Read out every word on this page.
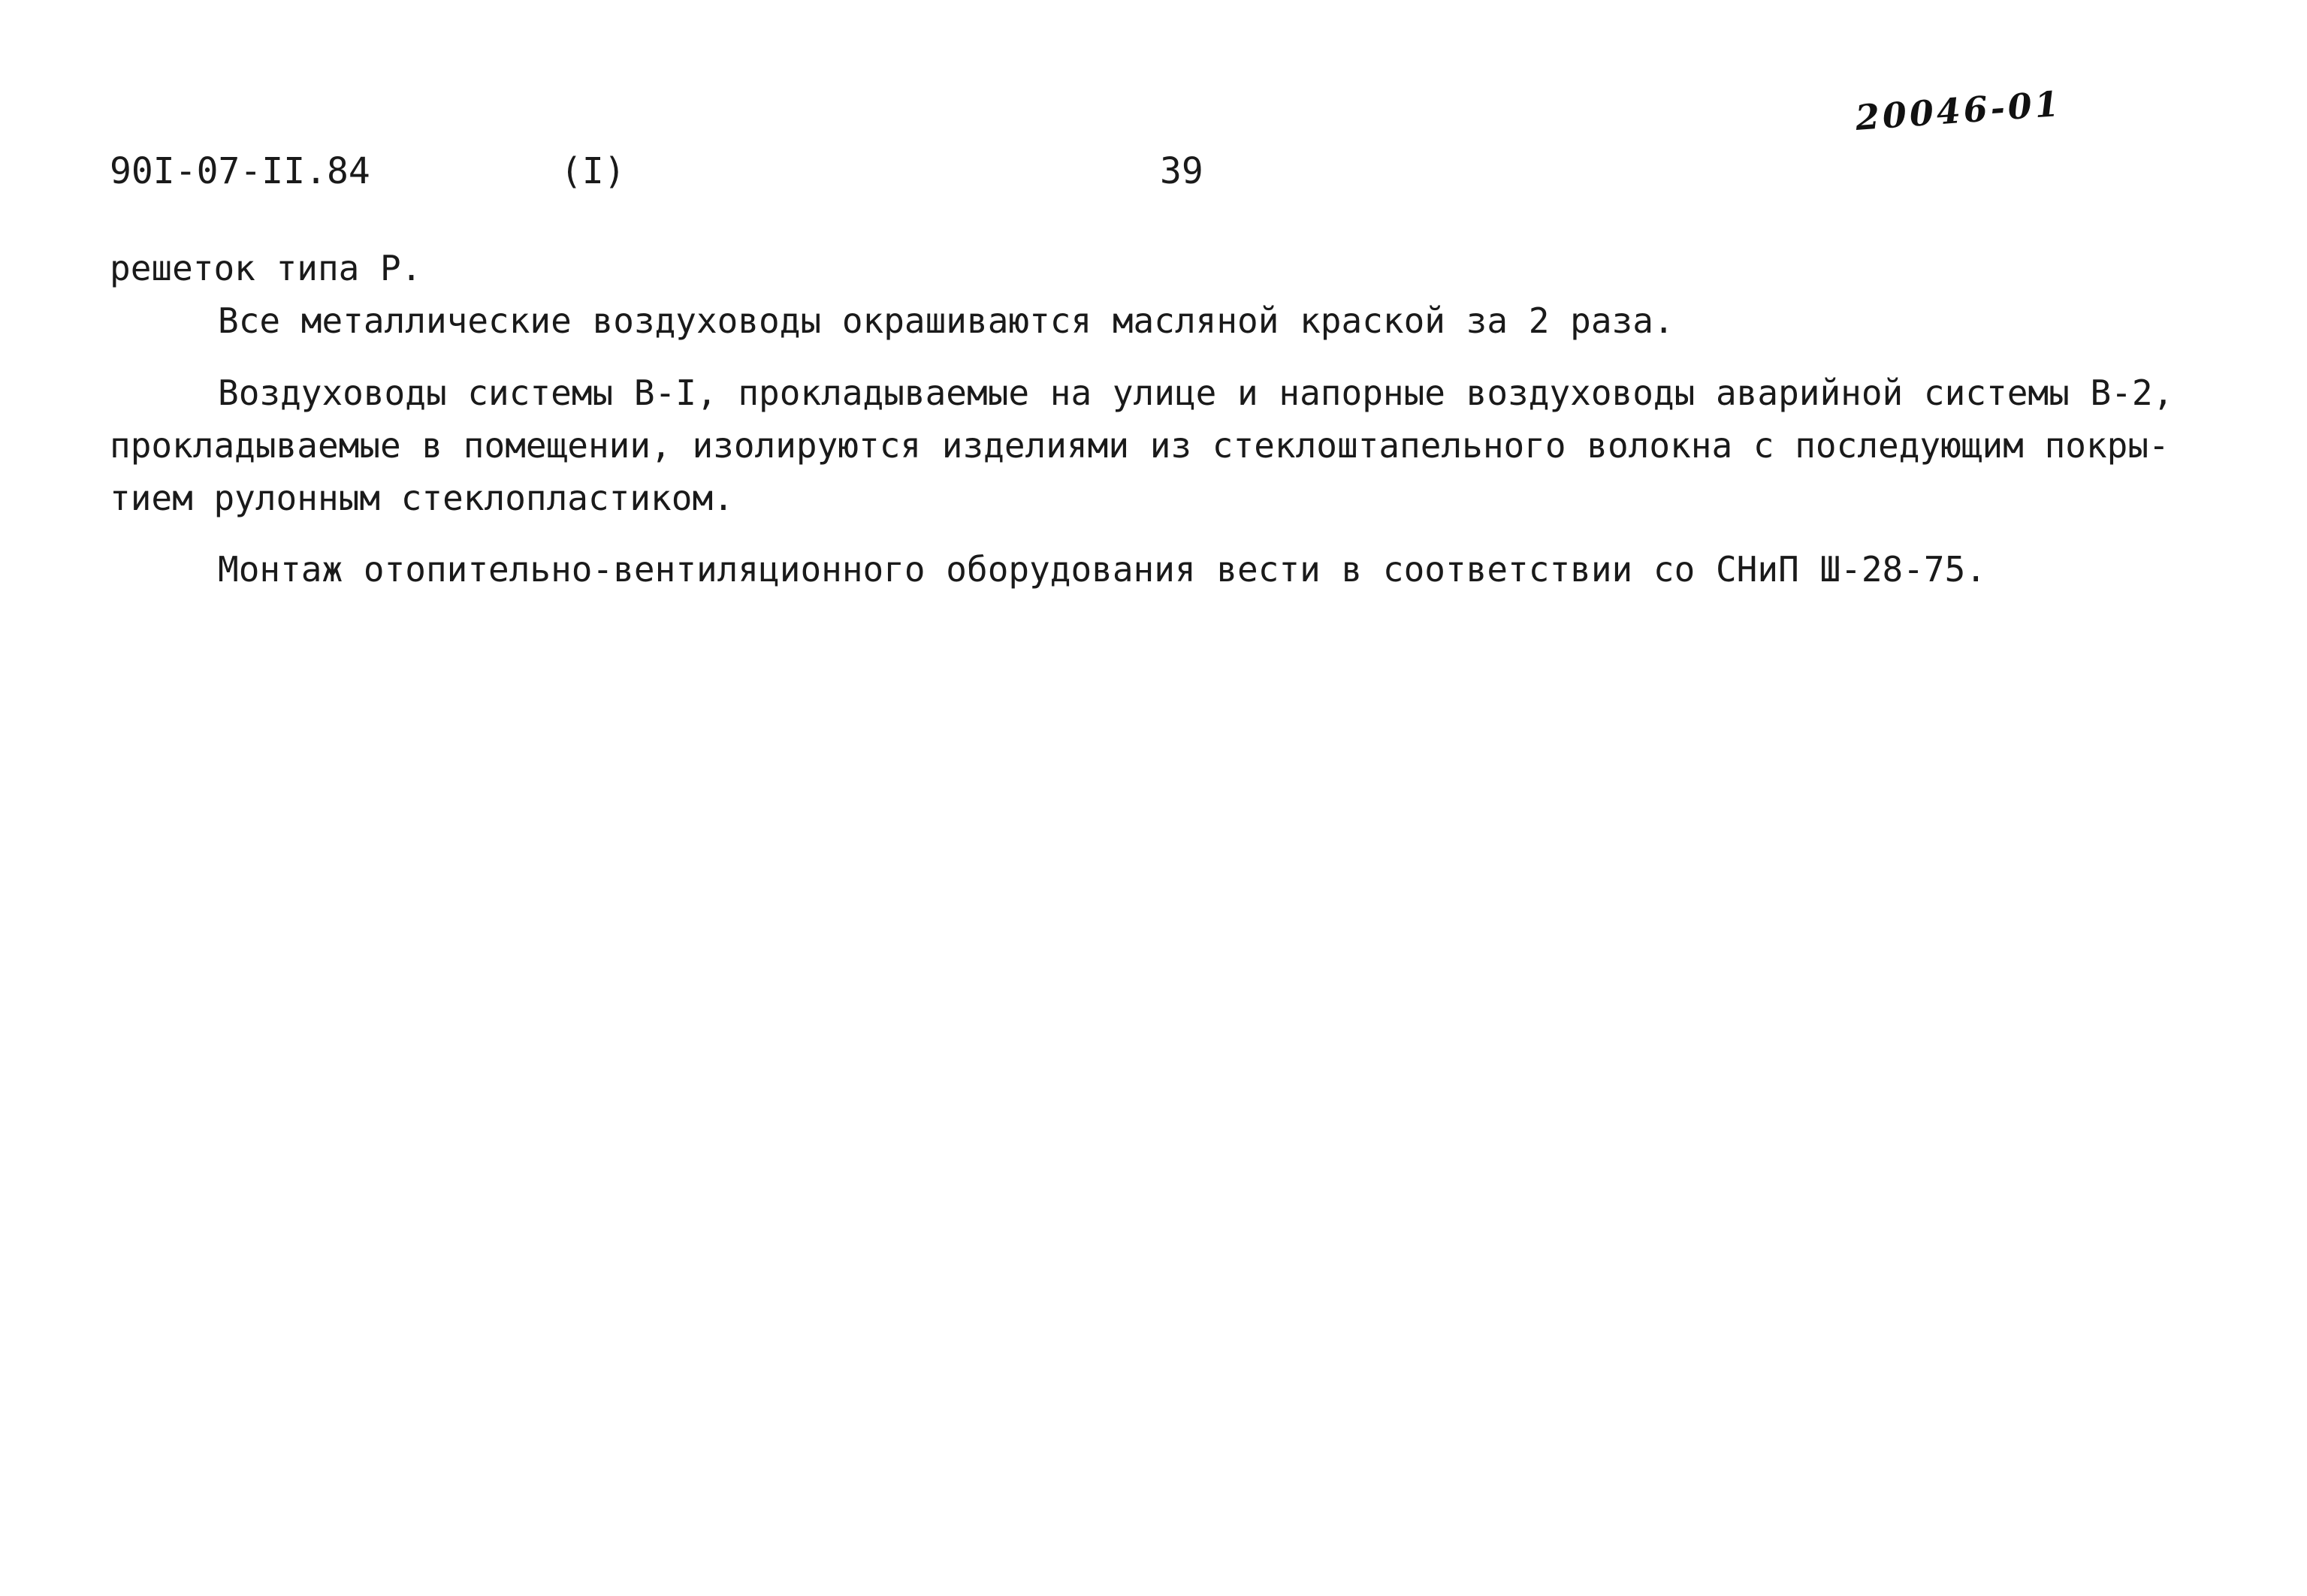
20046-01
90I-07-II.84	(I)	39
решеток типа Р.
Все металлические воздуховоды окрашиваются масляной краской за 2 раза.
Воздуховоды системы В-I, прокладываемые на улице и напорные воздуховоды аварийной системы В-2,
прокладываемые в помещении, изолируются изделиями из стеклоштапельного волокна с последующим покры-
тием рулонным стеклопластиком.
Монтаж отопительно-вентиляционного оборудования вести в соответствии со СНиП Ш-28-75.
